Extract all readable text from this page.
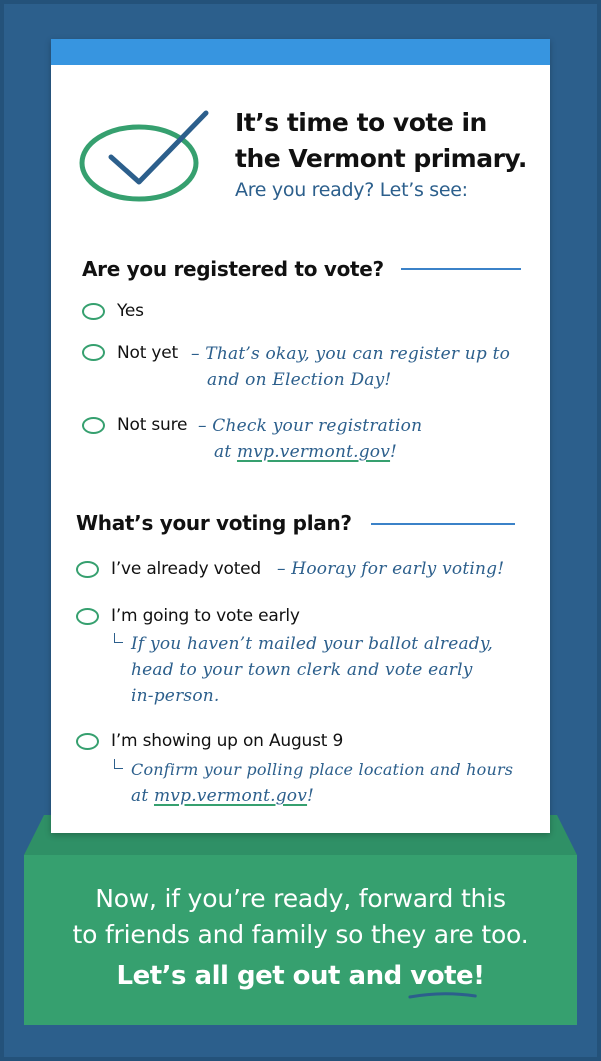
Now, if you’re ready, forward this
to friends and family so they are too.
Let’s all get out and vote
!
It’s time to vote in
the Vermont primary.
Are you ready? Let’s see:
Are you registered to vote?
Yes
Not yet – That’s okay, you can register up to
and on Election Day!
Not sure – Check your registration
at mvp.vermont.gov!
What’s your voting plan?
I’ve already voted – Hooray for early voting!
I’m going to vote early
If you haven’t mailed your ballot already,
head to your town clerk and vote early
in-person.
I’m showing up on August 9
Confirm your polling place location and hours
at mvp.vermont.gov!
